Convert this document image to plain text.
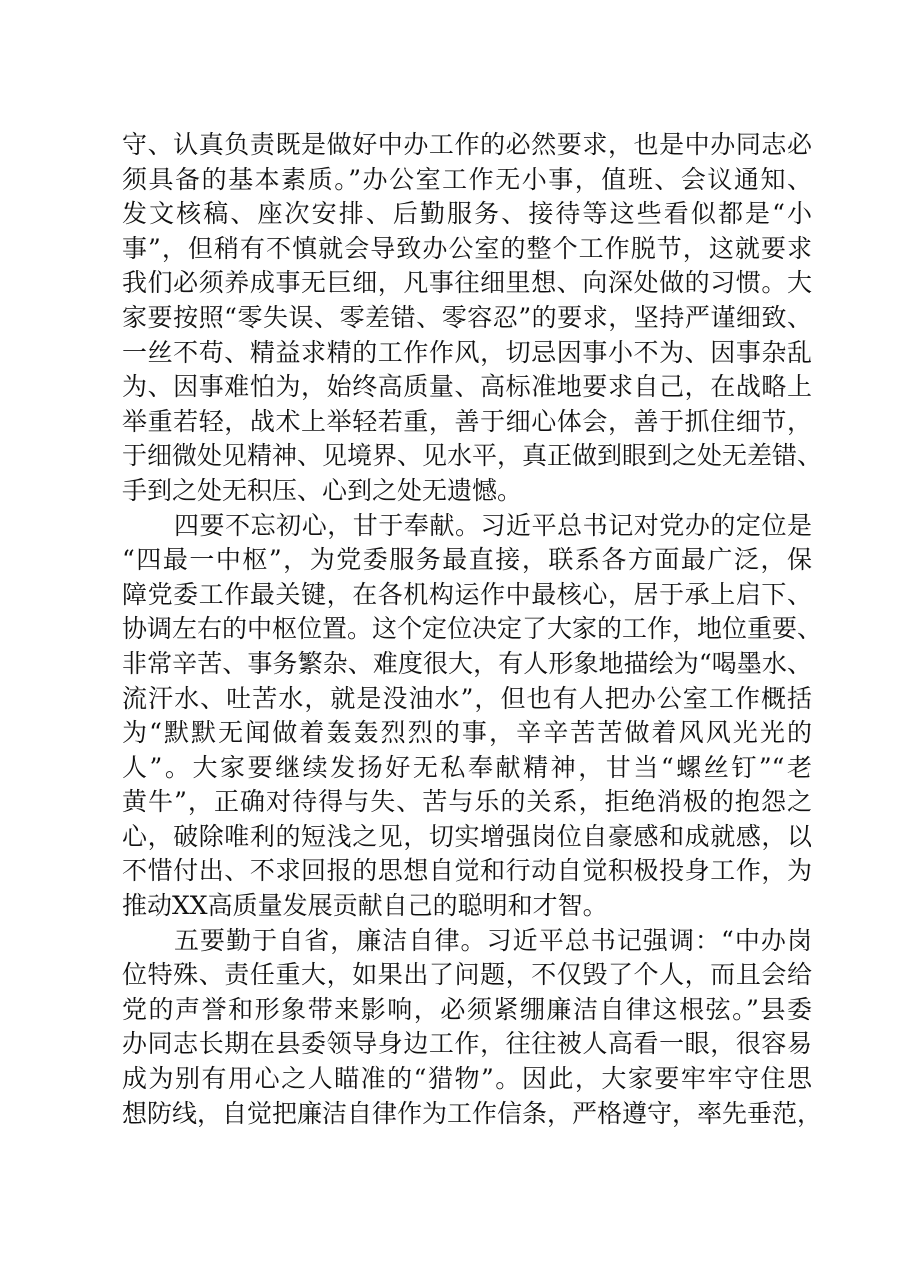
守、认真负责既是做好中办工作的必然要求，也是中办同志必
须具备的基本素质。”办公室工作无小事，值班、会议通知、
发文核稿、座次安排、后勤服务、接待等这些看似都是“小
事”，但稍有不慎就会导致办公室的整个工作脱节，这就要求
我们必须养成事无巨细，凡事往细里想、向深处做的习惯。大
家要按照“零失误、零差错、零容忍”的要求，坚持严谨细致、
一丝不苟、精益求精的工作作风，切忌因事小不为、因事杂乱
为、因事难怕为，始终高质量、高标准地要求自己，在战略上
举重若轻，战术上举轻若重，善于细心体会，善于抓住细节，
于细微处见精神、见境界、见水平，真正做到眼到之处无差错、
手到之处无积压、心到之处无遗憾。
四要不忘初心，甘于奉献。习近平总书记对党办的定位是
“四最一中枢”，为党委服务最直接，联系各方面最广泛，保
障党委工作最关键，在各机构运作中最核心，居于承上启下、
协调左右的中枢位置。这个定位决定了大家的工作，地位重要、
非常辛苦、事务繁杂、难度很大，有人形象地描绘为“喝墨水、
流汗水、吐苦水，就是没油水”，但也有人把办公室工作概括
为“默默无闻做着轰轰烈烈的事，辛辛苦苦做着风风光光的
人”。大家要继续发扬好无私奉献精神，甘当“螺丝钉”“老
黄牛”，正确对待得与失、苦与乐的关系，拒绝消极的抱怨之
心，破除唯利的短浅之见，切实增强岗位自豪感和成就感，以
不惜付出、不求回报的思想自觉和行动自觉积极投身工作，为
推动XX高质量发展贡献自己的聪明和才智。
五要勤于自省，廉洁自律。习近平总书记强调：“中办岗
位特殊、责任重大，如果出了问题，不仅毁了个人，而且会给
党的声誉和形象带来影响，必须紧绷廉洁自律这根弦。”县委
办同志长期在县委领导身边工作，往往被人高看一眼，很容易
成为别有用心之人瞄准的“猎物”。因此，大家要牢牢守住思
想防线，自觉把廉洁自律作为工作信条，严格遵守，率先垂范，
